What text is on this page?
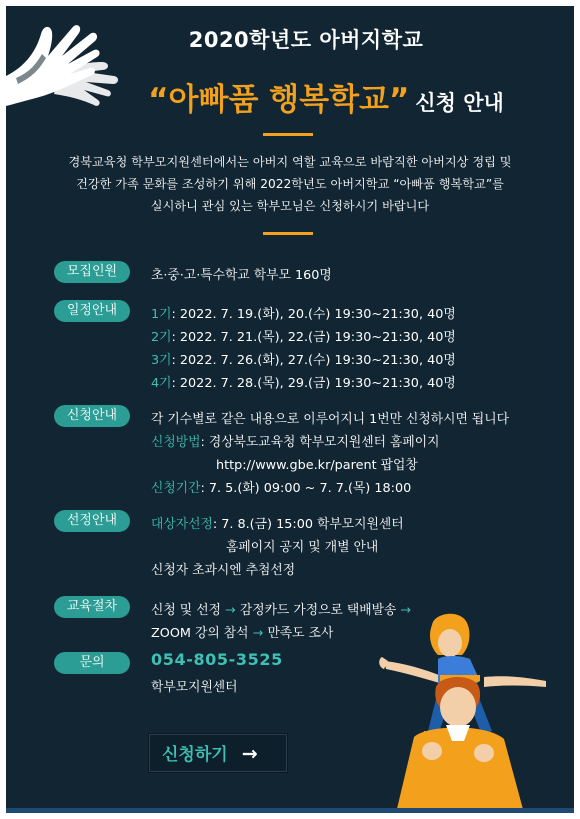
2020학년도 아버지학교
“아빠품 행복학교” 신청 안내
경북교육청 학부모지원센터에서는 아버지 역할 교육으로 바람직한 아버지상 정립 및
건강한 가족 문화를 조성하기 위해 2022학년도 아버지학교 “아빠품 행복학교”를
실시하니 관심 있는 학부모님은 신청하시기 바랍니다
모집인원	초·중·고·특수학교 학부모 160명
일정안내	1기: 2022. 7. 19.(화), 20.(수) 19:30~21:30, 40명
2기: 2022. 7. 21.(목), 22.(금) 19:30~21:30, 40명
3기: 2022. 7. 26.(화), 27.(수) 19:30~21:30, 40명
4기: 2022. 7. 28.(목), 29.(금) 19:30~21:30, 40명
신청안내	각 기수별로 같은 내용으로 이루어지니 1번만 신청하시면 됩니다
신청방법: 경상북도교육청 학부모지원센터 홈페이지
http://www.gbe.kr/parent 팝업창
신청기간: 7. 5.(화) 09:00 ~ 7. 7.(목) 18:00
선정안내	대상자선정: 7. 8.(금) 15:00 학부모지원센터
홈페이지 공지 및 개별 안내
신청자 초과시엔 추첨선정
교육절차	신청 및 선정 → 감정카드 가정으로 택배발송 →
ZOOM 강의 참석 → 만족도 조사
문의	054-805-3525
학부모지원센터
신청하기 →
